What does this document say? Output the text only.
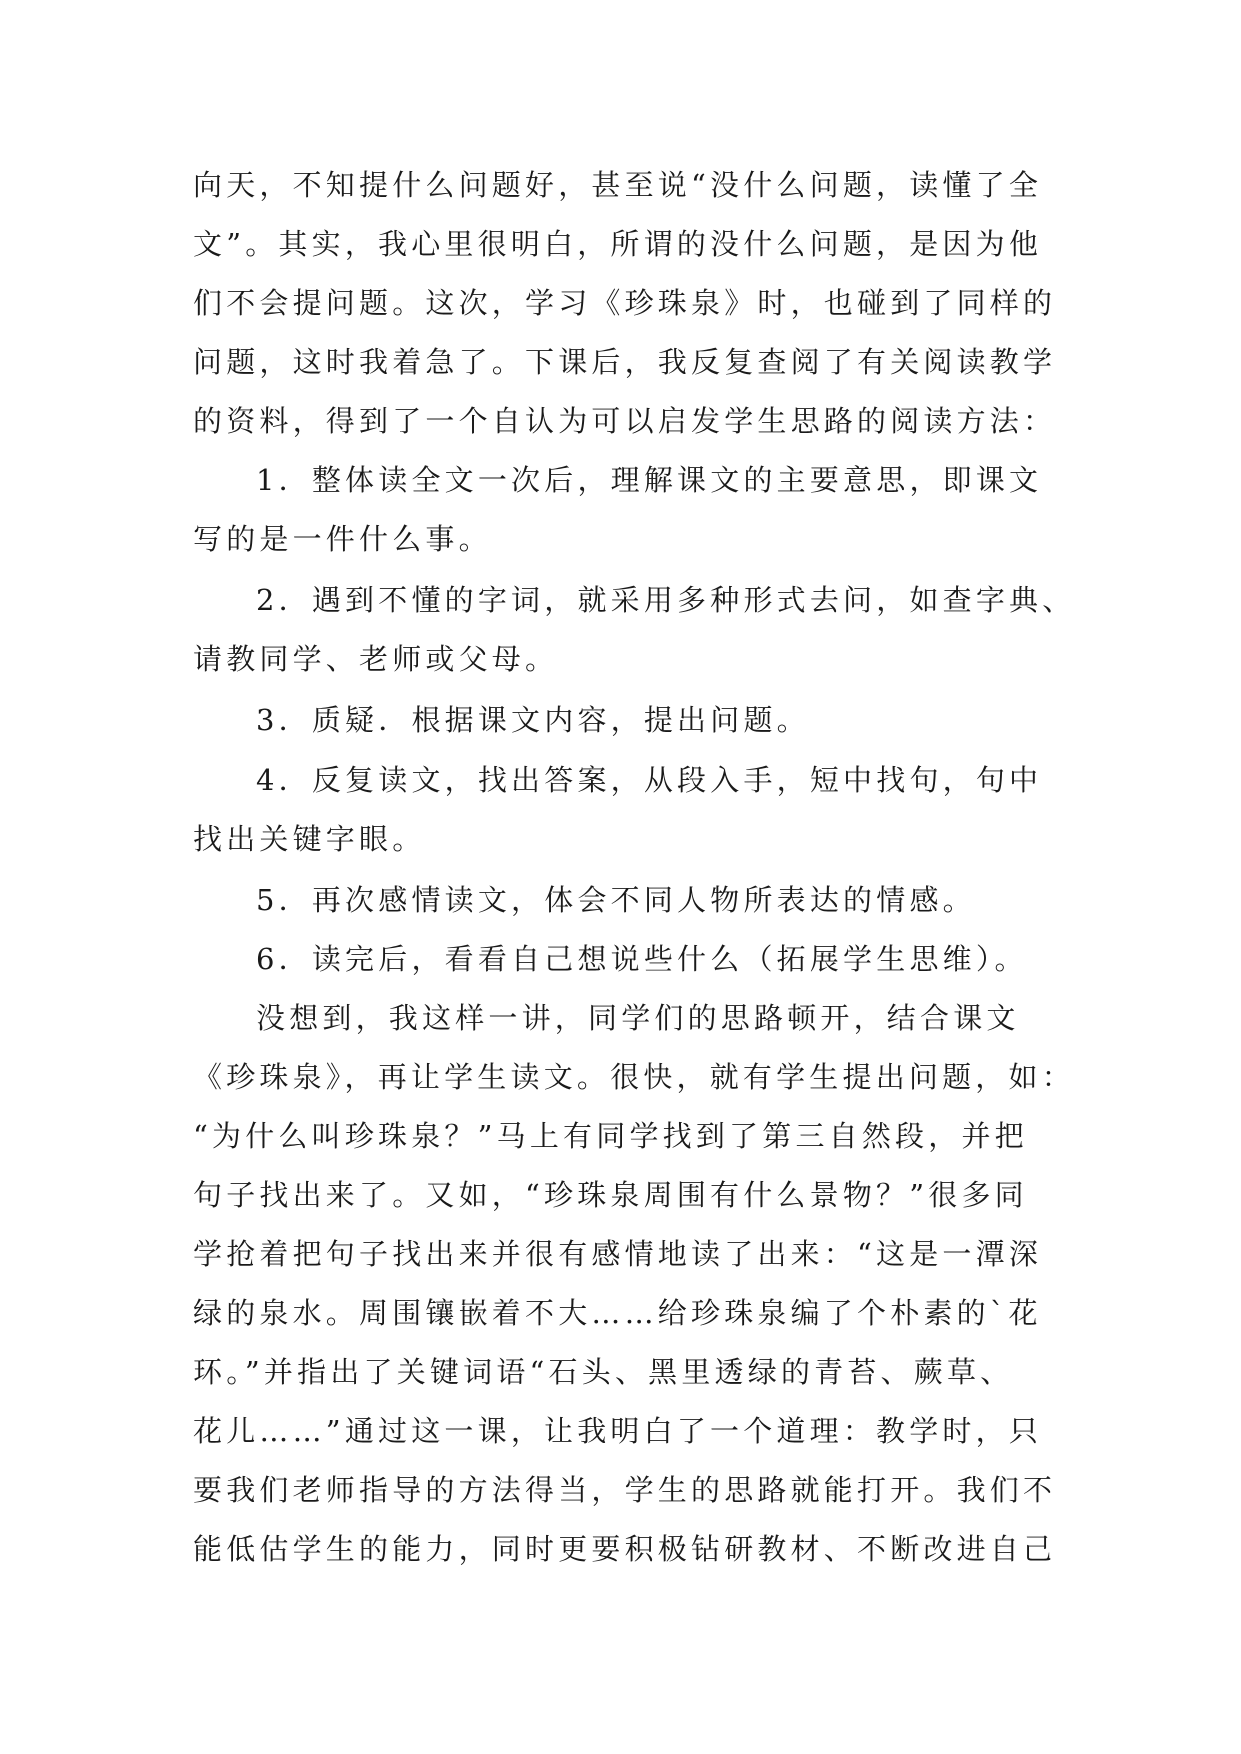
向天，不知提什么问题好，甚至说“没什么问题，读懂了全
文”。其实，我心里很明白，所谓的没什么问题，是因为他
们不会提问题。这次，学习《珍珠泉》时，也碰到了同样的
问题，这时我着急了。下课后，我反复查阅了有关阅读教学
的资料，得到了一个自认为可以启发学生思路的阅读方法：
1．整体读全文一次后，理解课文的主要意思，即课文
写的是一件什么事。
2．遇到不懂的字词，就采用多种形式去问，如查字典、
请教同学、老师或父母。
3．质疑．根据课文内容，提出问题。
4．反复读文，找出答案，从段入手，短中找句，句中
找出关键字眼。
5．再次感情读文，体会不同人物所表达的情感。
6．读完后，看看自己想说些什么（拓展学生思维）。
没想到，我这样一讲，同学们的思路顿开，结合课文
《珍珠泉》，再让学生读文。很快，就有学生提出问题，如：
“为什么叫珍珠泉？”马上有同学找到了第三自然段，并把
句子找出来了。又如，“珍珠泉周围有什么景物？”很多同
学抢着把句子找出来并很有感情地读了出来：“这是一潭深
绿的泉水。周围镶嵌着不大……给珍珠泉编了个朴素的`花
环。”并指出了关键词语“石头、黑里透绿的青苔、蕨草、
花儿……”通过这一课，让我明白了一个道理：教学时，只
要我们老师指导的方法得当，学生的思路就能打开。我们不
能低估学生的能力，同时更要积极钻研教材、不断改进自己
